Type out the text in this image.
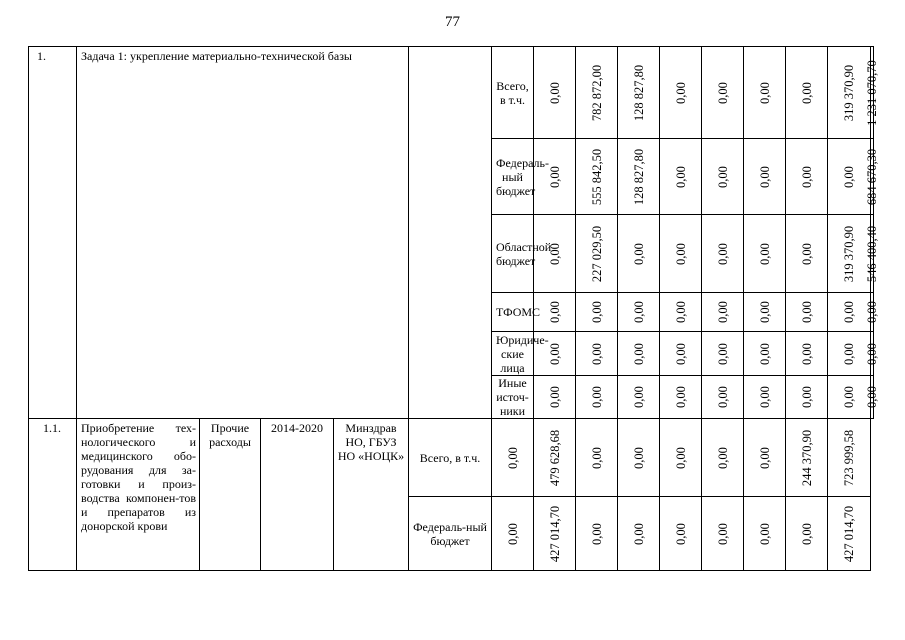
77
1.	Задача 1: укрепление материально-технической базы					Всего, в т.ч.	0,00	782 872,00	128 827,80	0,00	0,00	0,00	0,00	319 370,90	1 231 070,70

						Федераль-ный бюджет	0,00	555 842,50	128 827,80	0,00	0,00	0,00	0,00	0,00	684 670,30

						Областной бюджет	0,00	227 029,50	0,00	0,00	0,00	0,00	0,00	319 370,90	546 400,40

						ТФОМС	0,00	0,00	0,00	0,00	0,00	0,00	0,00	0,00	0,00

						Юридиче-ские лица	0,00	0,00	0,00	0,00	0,00	0,00	0,00	0,00	0,00

						Иные источ-ники	0,00	0,00	0,00	0,00	0,00	0,00	0,00	0,00	0,00

1.1.	Приобретение тех-нологического и медицинского обо-рудования для за-готовки и произ-водства компонен-тов и препаратов из донорской крови	Прочие расходы	2014-2020	Минздрав НО, ГБУЗ НО «НОЦК»	Всего, в т.ч.	0,00	479 628,68	0,00	0,00	0,00	0,00	0,00	244 370,90	723 999,58	

					Федераль-ный бюджет	0,00	427 014,70	0,00	0,00	0,00	0,00	0,00	0,00	427 014,70	
